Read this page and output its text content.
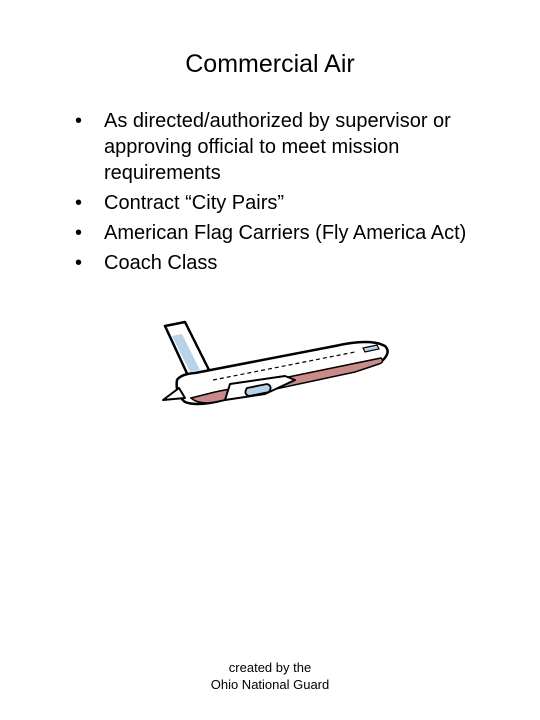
Commercial Air
• As directed/authorized by supervisor or approving official to meet mission requirements
• Contract “City Pairs”
• American Flag Carriers (Fly America Act)
• Coach Class
created by the
Ohio National Guard
